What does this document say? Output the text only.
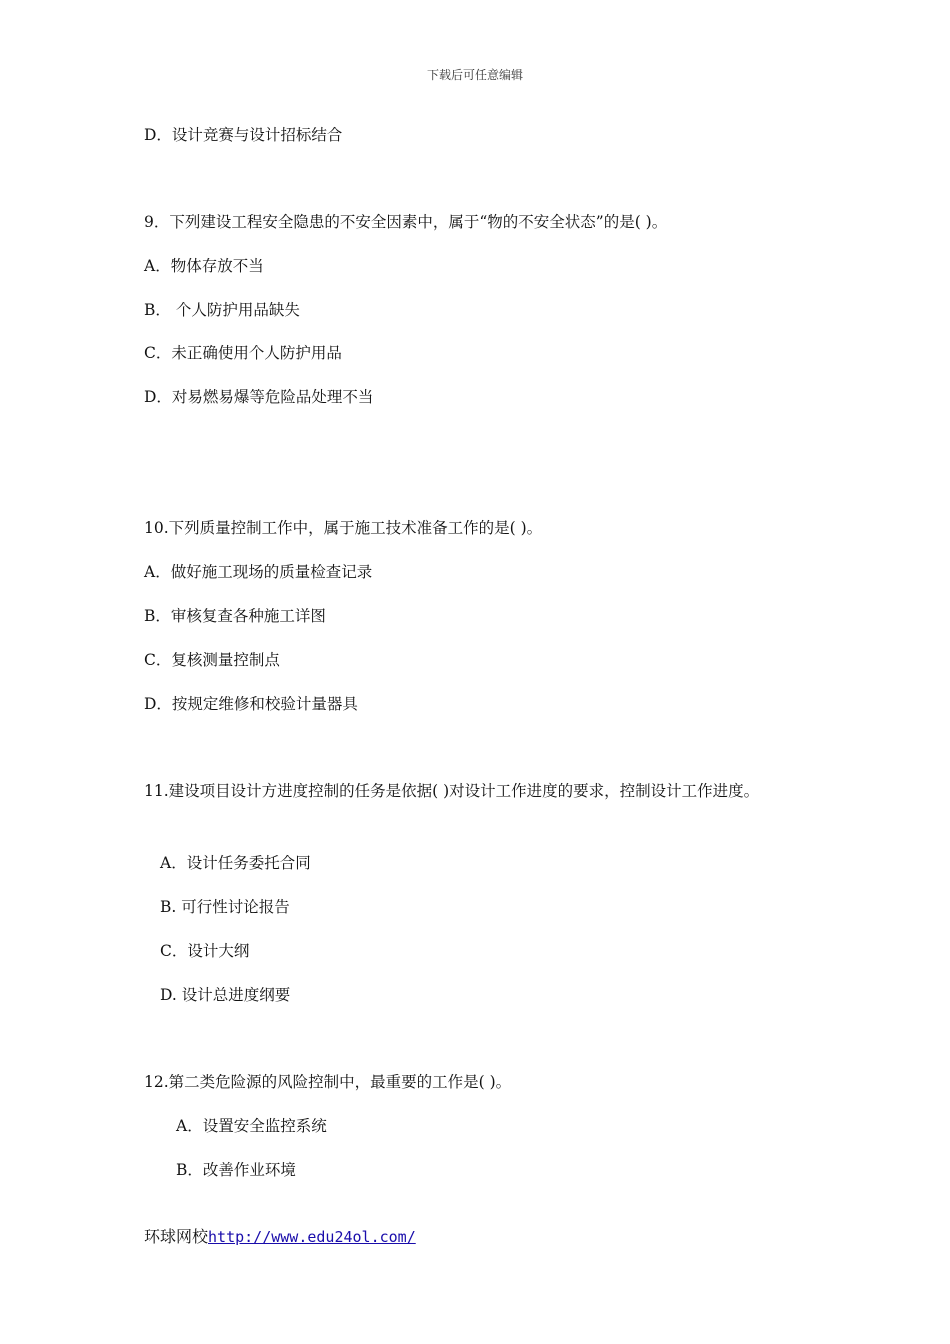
下载后可任意编辑
D．设计竞赛与设计招标结合
9．下列建设工程安全隐患的不安全因素中，属于“物的不安全状态”的是( )。
A．物体存放不当
B． 个人防护用品缺失
C．未正确使用个人防护用品
D．对易燃易爆等危险品处理不当
10.下列质量控制工作中，属于施工技术准备工作的是( )。
A．做好施工现场的质量检查记录
B．审核复查各种施工详图
C．复核测量控制点
D．按规定维修和校验计量器具
11.建设项目设计方进度控制的任务是依据( )对设计工作进度的要求，控制设计工作进度。
A．设计任务委托合同
B. 可行性讨论报告
C．设计大纲
D. 设计总进度纲要
12.第二类危险源的风险控制中，最重要的工作是( )。
A．设置安全监控系统
B．改善作业环境
环球网校http://www.edu24ol.com/
